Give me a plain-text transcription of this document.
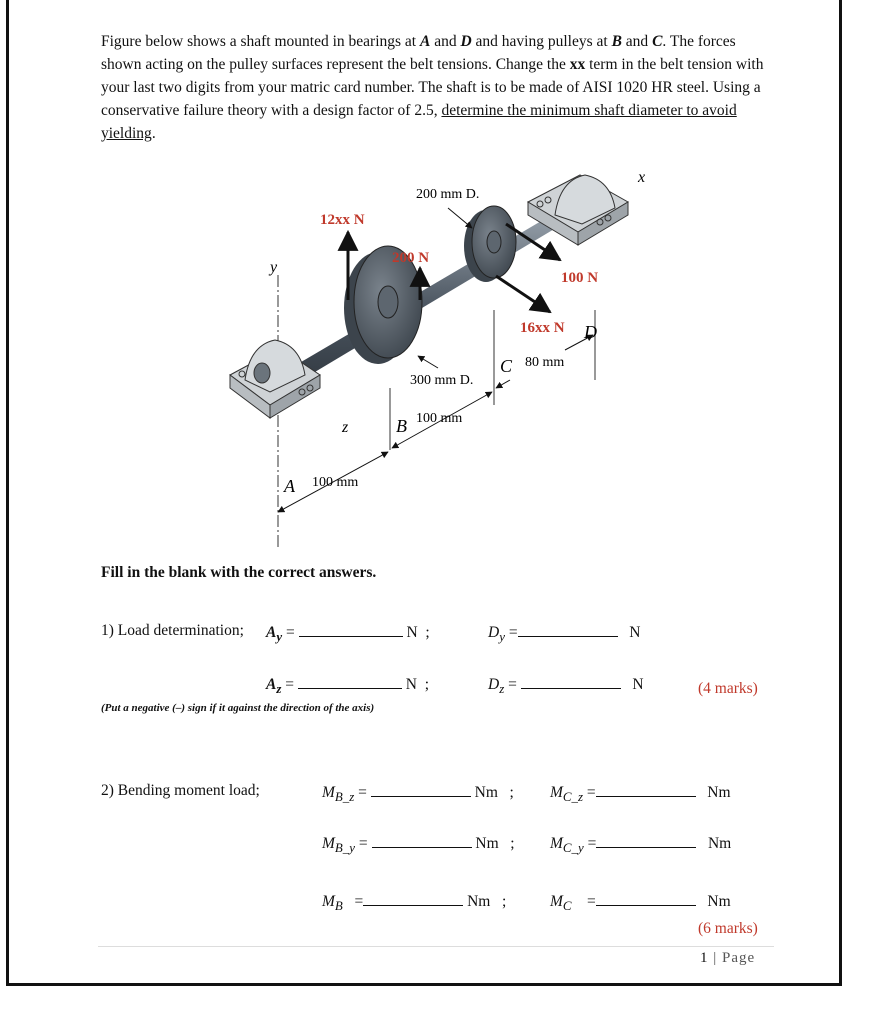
Figure below shows a shaft mounted in bearings at A and D and having pulleys at B and C. The forces shown acting on the pulley surfaces represent the belt tensions. Change the xx term in the belt tension with your last two digits from your matric card number. The shaft is to be made of AISI 1020 HR steel. Using a conservative failure theory with a design factor of 2.5, determine the minimum shaft diameter to avoid yielding.

200 mm D.
300 mm D.
12xx N
200 N
100 N
16xx N
80 mm
100 mm
100 mm
x
y
z
A
B
C
D
Fill in the blank with the correct answers.
1) Load determination; $A_y$ =	N ;	$D_y$ =	N
$A_z$ =	N ;	$D_z$ =	N	(4 marks)
(Put a negative (–) sign if it against the direction of the axis)
2) Bending moment load;	$M_{B\_z}$ =	Nm ; $M_{C\_z}$ =	Nm
$M_{B\_y}$ =	Nm ; $M_{C\_y}$ =	Nm
$M_B$   =	Nm ;	$M_C$    =	Nm
(6 marks)
1 | Page
